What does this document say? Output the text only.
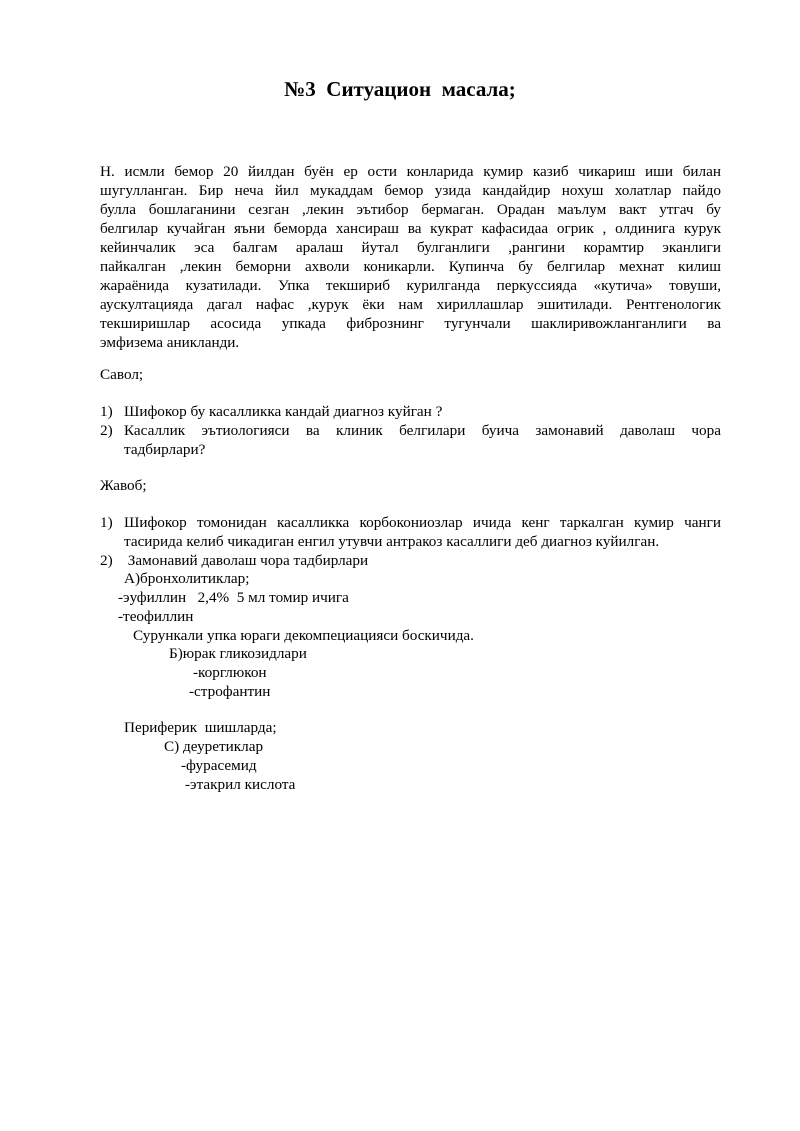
№3  Ситуацион  масала;
Н. исмли бемор 20 йилдан буён ер ости конларида кумир казиб чикариш иши билан
шугулланган. Бир неча йил мукаддам бемор узида кандайдир нохуш холатлар пайдо
булла бошлаганини сезган ,лекин эътибор бермаган. Орадан маълум вакт утгач бу
белгилар кучайган яъни беморда хансираш ва кукрат кафасидаа огрик , олдинига курук
кейинчалик эса балгам аралаш йутал булганлиги ,рангини корамтир эканлиги
пайкалган ,лекин беморни ахволи коникарли. Купинча бу белгилар мехнат килиш
жараёнида кузатилади. Упка текшириб курилганда перкуссияда «кутича» товуши,
аускултацияда дагал нафас ,курук ёки нам хириллашлар эшитилади. Рентгенологик
текширишлар асосида упкада фибрознинг тугунчали шаклиривожланганлиги ва
эмфизема аникланди.
Савол;
1) Шифокор бу касалликка кандай диагноз куйган ?
2) Касаллик эътиологияси ва клиник белгилари буича замонавий даволаш чора
тадбирлари?
Жавоб;
1) Шифокор томонидан касалликка корбокониозлар ичида кенг таркалган кумир чанги
тасирида келиб чикадиган енгил утувчи антракоз касаллиги деб диагноз куйилган.
2) Замонавий даволаш чора тадбирлари
А)бронхолитиклар;
-эуфиллин   2,4%  5 мл томир ичига
-теофиллин
Сурункали упка юраги декомпециацияси боскичида.
Б)юрак гликозидлари
-корглюкон
-строфантин
Периферик  шишларда;
С) деуретиклар
-фурасемид
-этакрил кислота
